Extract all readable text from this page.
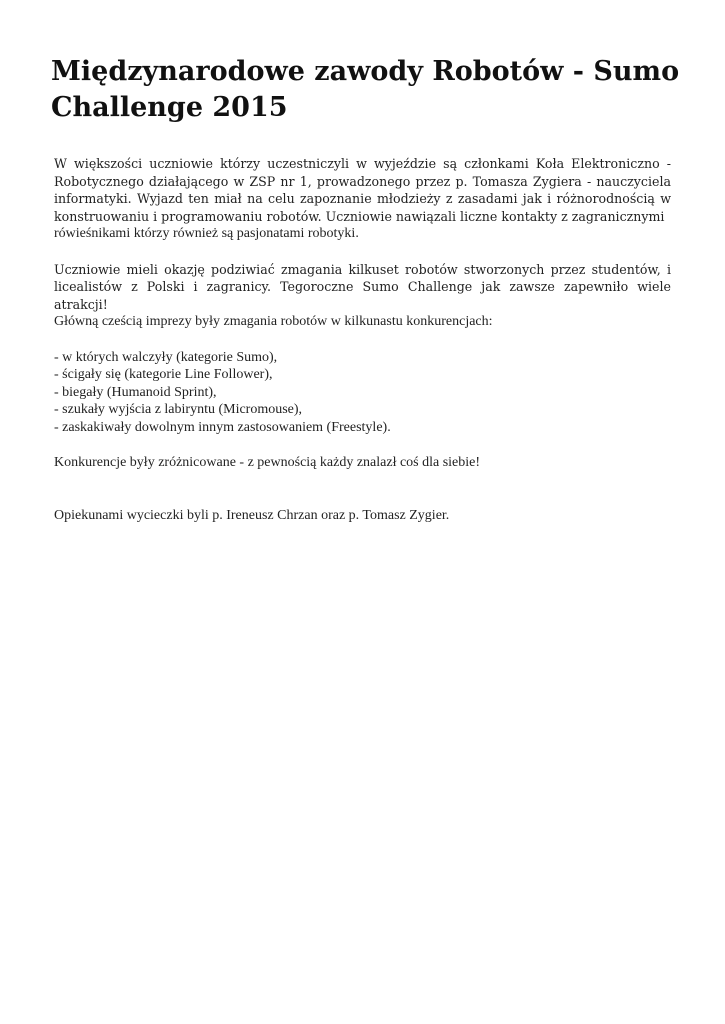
Międzynarodowe zawody Robotów - Sumo Challenge 2015

W większości uczniowie którzy uczestniczyli w wyjeździe są członkami Koła Elektroniczno - Robotycznego działającego w ZSP nr 1, prowadzonego przez p. Tomasza Zygiera - nauczyciela informatyki. Wyjazd ten miał na celu zapoznanie młodzieży z zasadami jak i różnorodnością w konstruowaniu i programowaniu robotów. Uczniowie nawiązali liczne kontakty z zagranicznymi

rówieśnikami którzy również są pasjonatami robotyki.

Uczniowie mieli okazję podziwiać zmagania kilkuset robotów stworzonych przez studentów, i licealistów z Polski i zagranicy. Tegoroczne Sumo Challenge jak zawsze zapewniło wiele atrakcji!

Główną cześcią imprezy były zmagania robotów w kilkunastu konkurencjach:

- w których walczyły (kategorie Sumo),
- ścigały się (kategorie Line Follower),
- biegały (Humanoid Sprint),
- szukały wyjścia z labiryntu (Micromouse),
- zaskakiwały dowolnym innym zastosowaniem (Freestyle).

Konkurencje były zróżnicowane - z pewnością każdy znalazł coś dla siebie!

Opiekunami wycieczki byli p. Ireneusz Chrzan oraz p. Tomasz Zygier.
